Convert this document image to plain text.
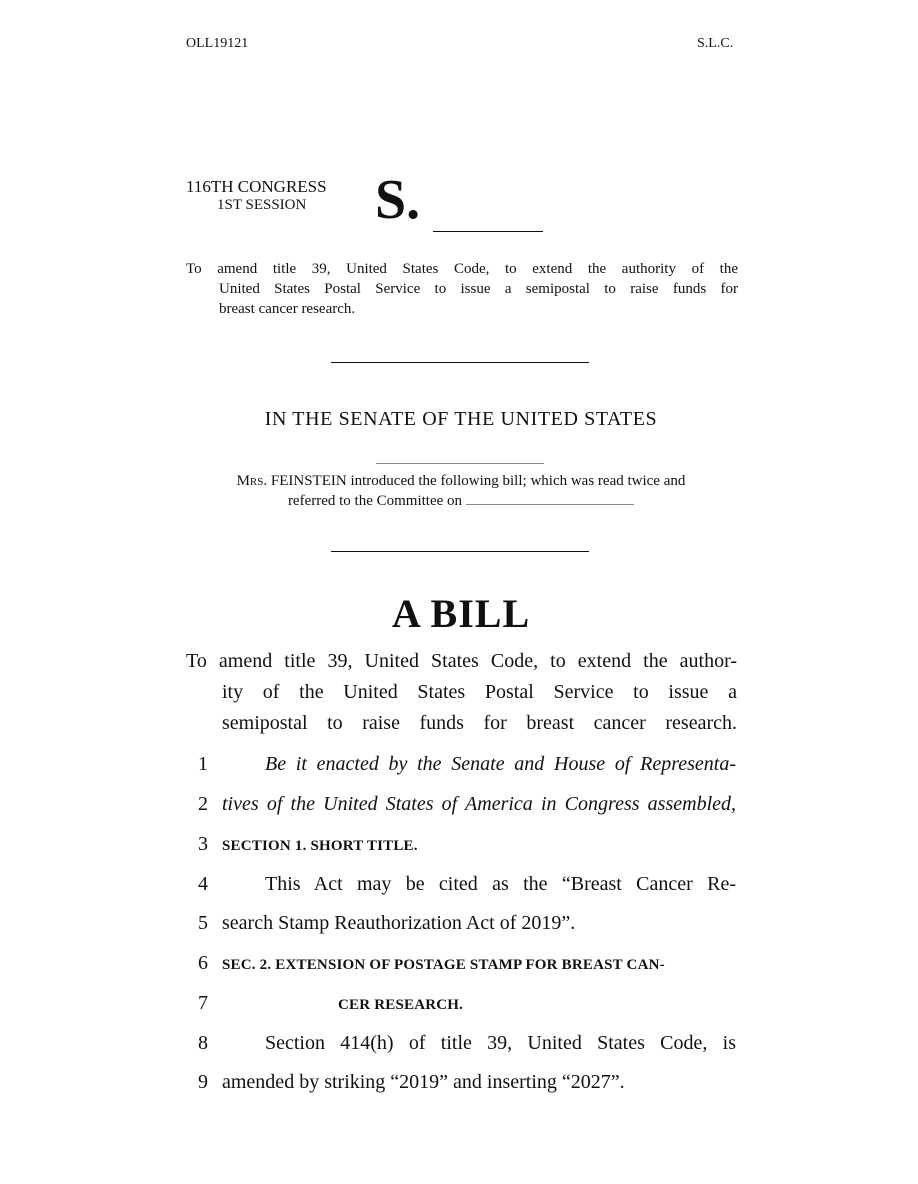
OLL19121	S.L.C.
116TH CONGRESS
1ST SESSION S.
To amend title 39, United States Code, to extend the authority of the
United States Postal Service to issue a semipostal to raise funds for
breast cancer research.
IN THE SENATE OF THE UNITED STATES
Mrs. FEINSTEIN introduced the following bill; which was read twice and
referred to the Committee on
A BILL
To amend title 39, United States Code, to extend the author-
ity of the United States Postal Service to issue a
semipostal to raise funds for breast cancer research.
1	Be it enacted by the Senate and House of Representa-
2 tives of the United States of America in Congress assembled,
3 SECTION 1. SHORT TITLE.
4	This Act may be cited as the “Breast Cancer Re-
5 search Stamp Reauthorization Act of 2019”.
6 SEC. 2. EXTENSION OF POSTAGE STAMP FOR BREAST CAN-
7	CER RESEARCH.
8	Section 414(h) of title 39, United States Code, is
9 amended by striking “2019” and inserting “2027”.
